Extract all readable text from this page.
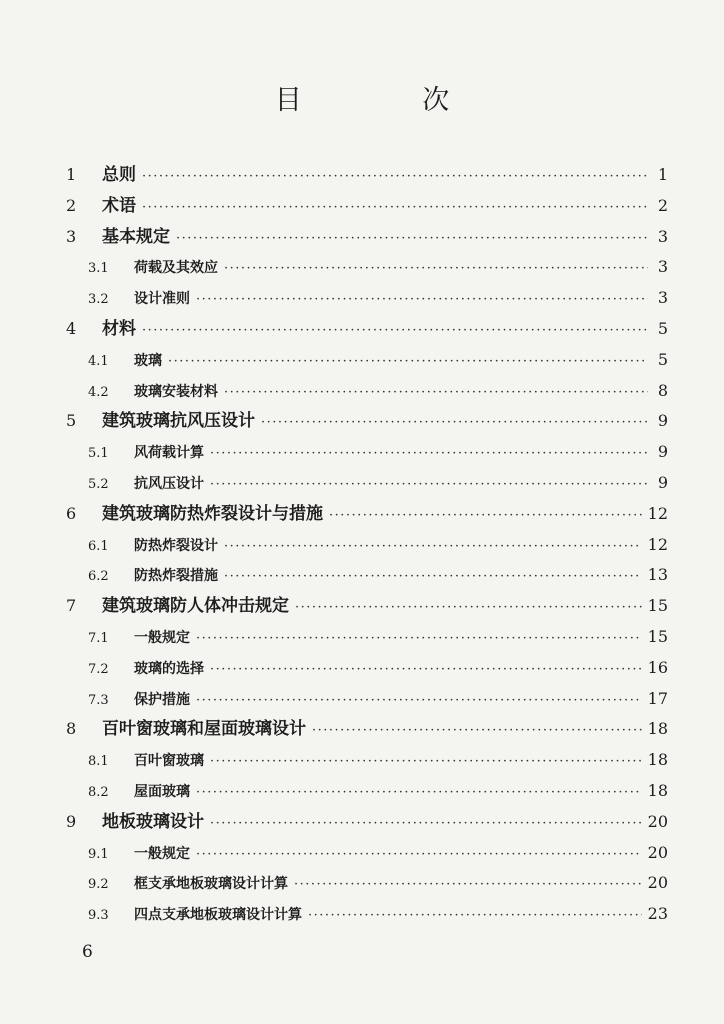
目 次
1	总则 ·····	1
2	术语 ·····	2
3	基本规定 ·····	3
3.1	荷载及其效应 ·····	3
3.2	设计准则 ·····	3
4	材料 ·····	5
4.1	玻璃 ·····	5
4.2	玻璃安装材料 ·····	8
5	建筑玻璃抗风压设计 ·····	9
5.1	风荷载计算 ·····	9
5.2	抗风压设计 ·····	9
6	建筑玻璃防热炸裂设计与措施 ·····	12
6.1	防热炸裂设计 ·····	12
6.2	防热炸裂措施 ·····	13
7	建筑玻璃防人体冲击规定 ·····	15
7.1	一般规定 ·····	15
7.2	玻璃的选择 ·····	16
7.3	保护措施 ·····	17
8	百叶窗玻璃和屋面玻璃设计 ·····	18
8.1	百叶窗玻璃 ·····	18
8.2	屋面玻璃 ·····	18
9	地板玻璃设计 ·····	20
9.1	一般规定 ·····	20
9.2	框支承地板玻璃设计计算 ·····	20
9.3	四点支承地板玻璃设计计算 ·····	23
6
